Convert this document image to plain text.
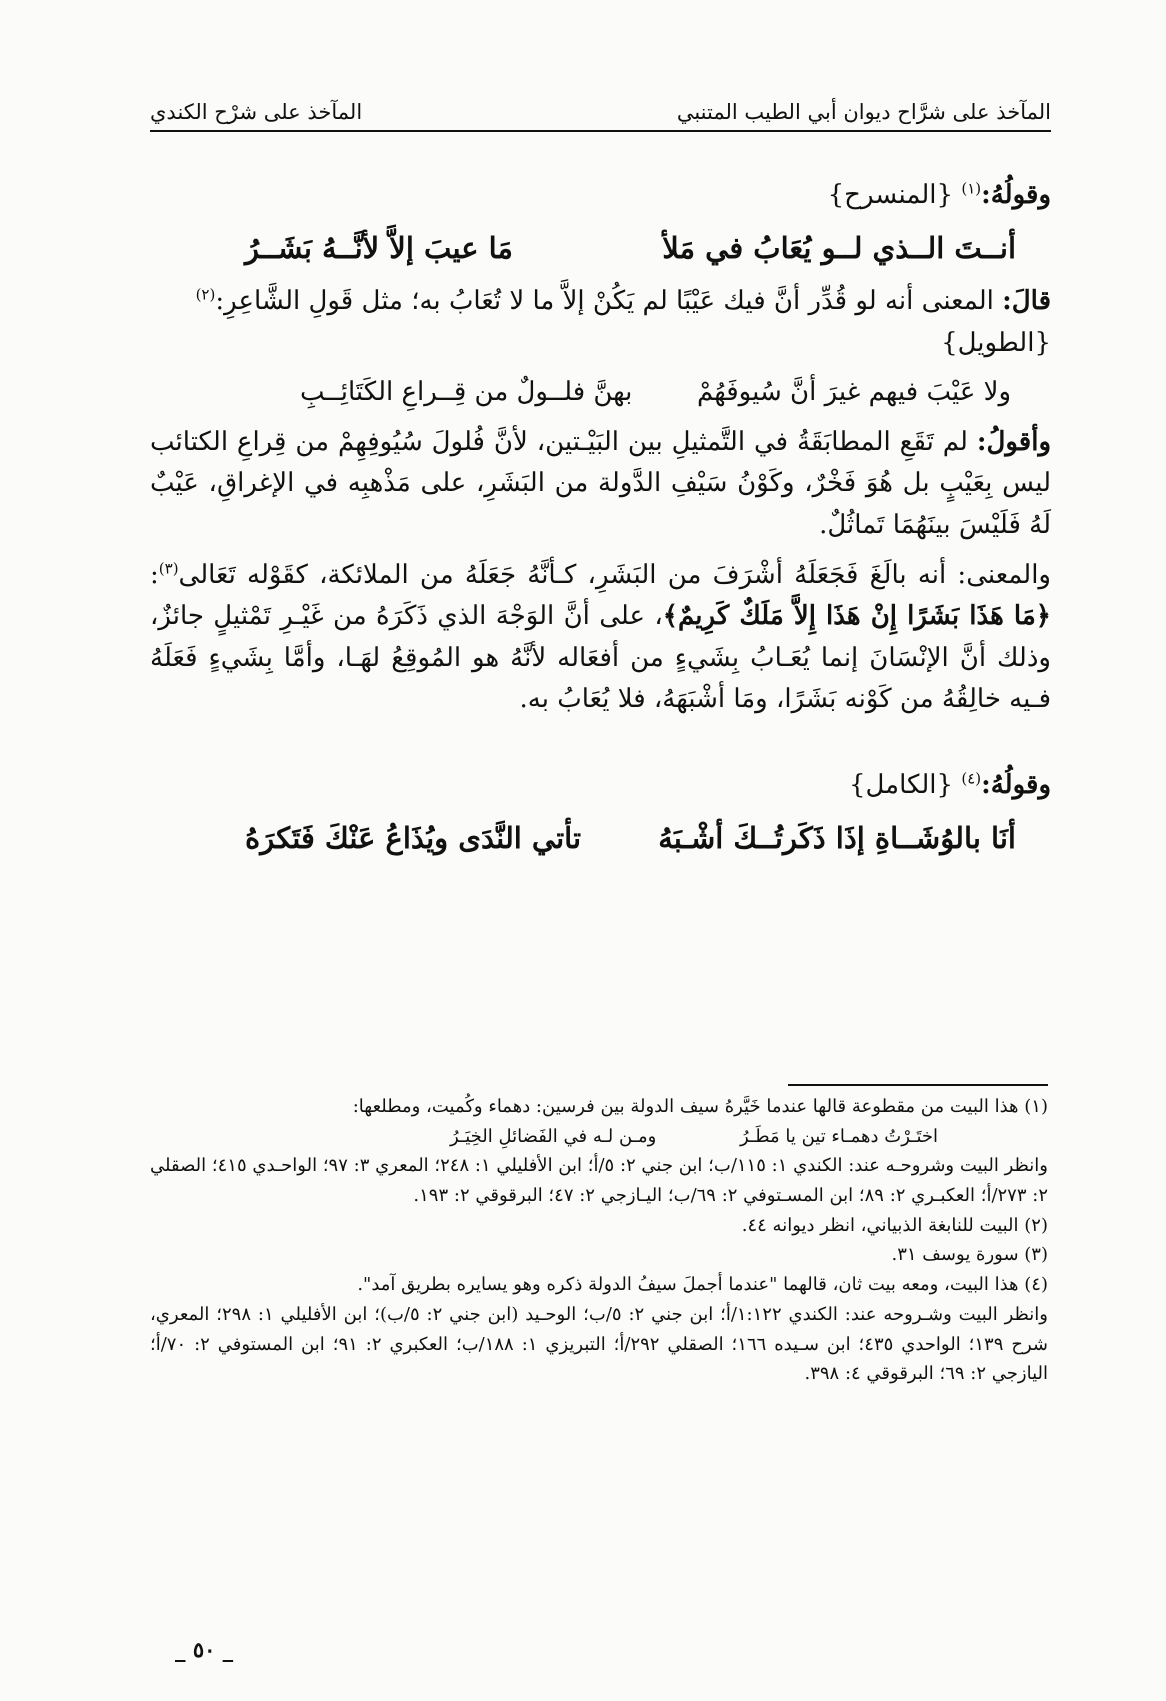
المآخذ على شرَّاح ديوان أبي الطيب المتنبي
المآخذ على شرْح الكندي

وقولُهُ:$^{(١)}$ {المنسرح}

أنــتَ الــذي لــو يُعَابُ في مَلأ
مَا عيبَ إلاَّ لأنَّــهُ بَشَــرُ

قالَ: المعنى أنه لو قُدِّر أنَّ فيك عَيْبًا لم يَكُنْ إلاَّ ما لا تُعَابُ به؛ مثل قَولِ الشَّاعِرِ:$^{(٢)}$
{الطويل}

ولا عَيْبَ فيهم غيرَ أنَّ سُيوفَهُمْ
بهنَّ فلــولٌ من قِــراعِ الكَتَائِــبِ

وأقولُ: لم تَقَعِ المطابَقَةُ في التَّمثيلِ بين البَيْـتين، لأنَّ فُلولَ سُيُوفِهِمْ من قِراعِ الكتائب ليس بِعَيْبٍ بل هُوَ فَخْرٌ، وكَوْنُ سَيْفِ الدَّولة من البَشَرِ، على مَذْهبِه في الإغراقِ، عَيْبٌ لَهُ فَلَيْسَ بينَهُمَا تَماثُلٌ.

والمعنى: أنه بالَغَ فَجَعَلَهُ أشْرَفَ من البَشَرِ، كـأنَّهُ جَعَلَهُ من الملائكة، كقَوْله تَعَالى$^{(٣)}$: ﴿مَا هَذَا بَشَرًا إِنْ هَذَا إِلاَّ مَلَكٌ كَرِيمٌ﴾، على أنَّ الوَجْهَ الذي ذَكَرَهُ من غَيْـرِ تَمْثيلٍ جائزٌ، وذلك أنَّ الإنْسَانَ إنما يُعَـابُ بِشَيءٍ من أفعَاله لأنَّهُ هو المُوقِعُ لهَـا، وأمَّا بِشَيءٍ فَعَلَهُ فـيه خالِقُهُ من كَوْنه بَشَرًا، ومَا أشْبَهَهُ، فلا يُعَابُ به.

وقولُهُ:$^{(٤)}$ {الكامل}

أنَا بالوُشَــاةِ إذَا ذَكَرتُــكَ أشْـبَهُ
تأتي النَّدَى ويُذَاعُ عَنْكَ فَتَكرَهُ

(١) هذا البيت من مقطوعة قالها عندما خَيَّرهُ سيف الدولة بين فرسين: دهماء وكُميت، ومطلعها:

اختَـرْتُ دهمـاء تين يا مَطَـرُ
ومـن لـه في الفَضائلِ الخِيَـرُ

وانظر البيت وشروحـه عند: الكندي ١: ١١٥/ب؛ ابن جني ٢: ٥/أ؛ ابن الأفليلي ١: ٢٤٨؛ المعري ٣: ٩٧؛ الواحـدي ٤١٥؛ الصقلي ٢: ٢٧٣/أ؛ العكبـري ٢: ٨٩؛ ابن المسـتوفي ٢: ٦٩/ب؛ اليـازجي ٢: ٤٧؛ البرقوقي ٢: ١٩٣.

(٢) البيت للنابغة الذبياني، انظر ديوانه ٤٤.

(٣) سورة يوسف ٣١.

(٤) هذا البيت، ومعه بيت ثان، قالهما "عندما أجملَ سيفُ الدولة ذكره وهو يسايره بطريق آمد".

وانظر البيت وشـروحه عند: الكندي ١:١٢٢/أ؛ ابن جني ٢: ٥/ب؛ الوحـيد (ابن جني ٢: ٥/ب)؛ ابن الأفليلي ١: ٢٩٨؛ المعري، شرح ١٣٩؛ الواحدي ٤٣٥؛ ابن سـيده ١٦٦؛ الصقلي ٢٩٢/أ؛ التبريزي ١: ١٨٨/ب؛ العكبري ٢: ٩١؛ ابن المستوفي ٢: ٧٠/أ؛ اليازجي ٢: ٦٩؛ البرقوقي ٤: ٣٩٨.

_ ٥٠ _
